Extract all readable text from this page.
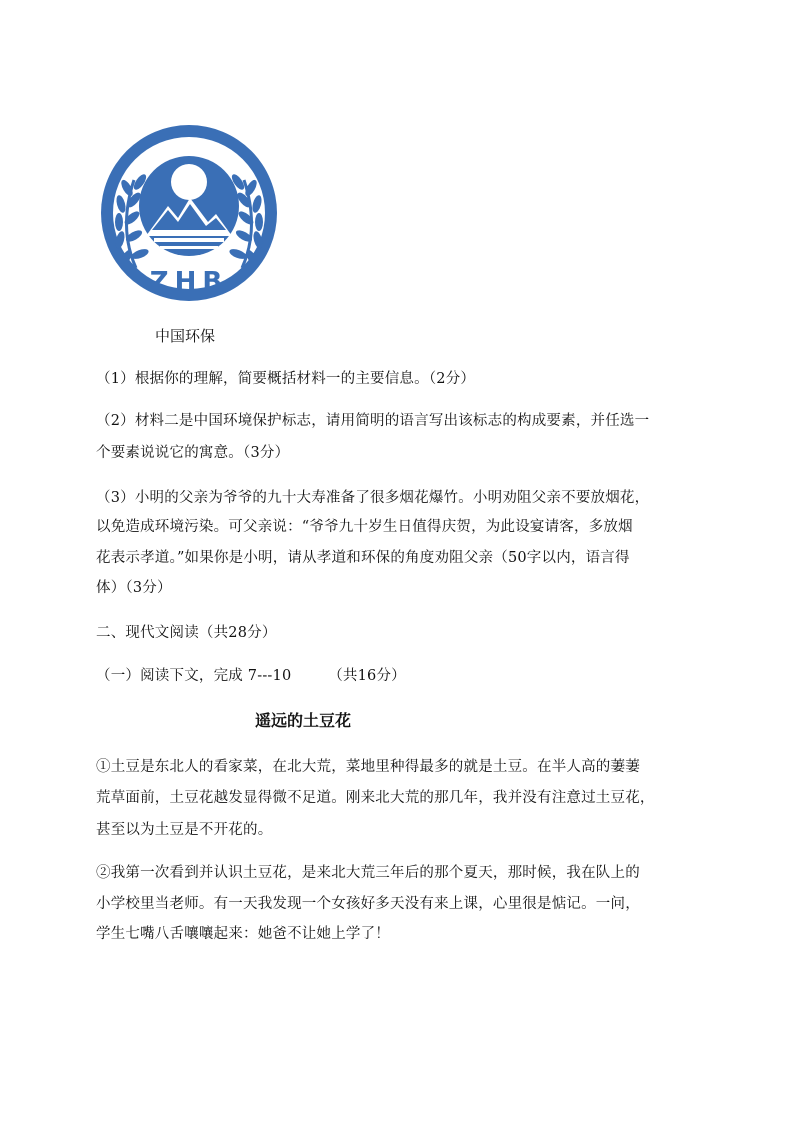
ZHB
中国环保
（1）根据你的理解，简要概括材料一的主要信息。（2分）
（2）材料二是中国环境保护标志，请用简明的语言写出该标志的构成要素，并任选一
个要素说说它的寓意。（3分）
（3）小明的父亲为爷爷的九十大寿准备了很多烟花爆竹。小明劝阻父亲不要放烟花，
以免造成环境污染。可父亲说：“爷爷九十岁生日值得庆贺，为此设宴请客，多放烟
花表示孝道。”如果你是小明，请从孝道和环保的角度劝阻父亲（50字以内，语言得
体）（3分）
二、现代文阅读（共28分）
（一）阅读下文，完成 7---10　　　（共16分）
遥远的土豆花
①土豆是东北人的看家菜，在北大荒，菜地里种得最多的就是土豆。在半人高的萋萋
荒草面前，土豆花越发显得微不足道。刚来北大荒的那几年，我并没有注意过土豆花，
甚至以为土豆是不开花的。
②我第一次看到并认识土豆花，是来北大荒三年后的那个夏天，那时候，我在队上的
小学校里当老师。有一天我发现一个女孩好多天没有来上课，心里很是惦记。一问，
学生七嘴八舌嚷嚷起来：她爸不让她上学了！
